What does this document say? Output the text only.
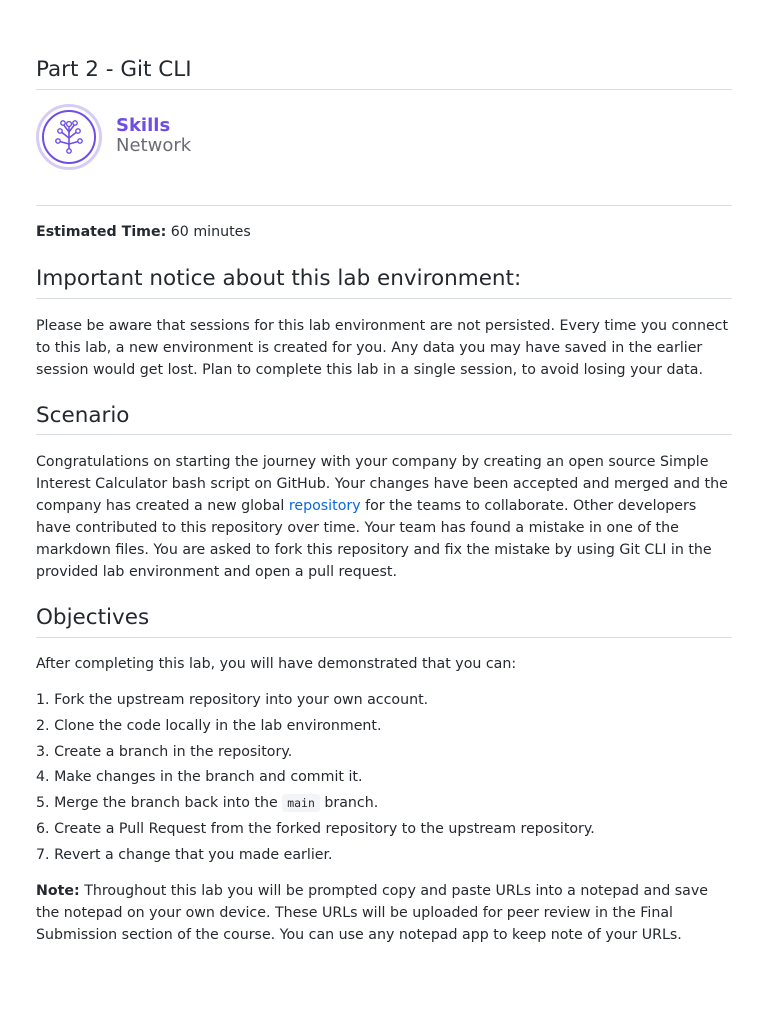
Part 2 - Git CLI
Skills
Network
Estimated Time: 60 minutes
Important notice about this lab environment:

Please be aware that sessions for this lab environment are not persisted. Every time you connect to this lab, a new environment is created for you. Any data you may have saved in the earlier session would get lost. Plan to complete this lab in a single session, to avoid losing your data.

Scenario

Congratulations on starting the journey with your company by creating an open source Simple Interest Calculator bash script on GitHub. Your changes have been accepted and merged and the company has created a new global repository for the teams to collaborate. Other developers have contributed to this repository over time. Your team has found a mistake in one of the markdown files. You are asked to fork this repository and fix the mistake by using Git CLI in the provided lab environment and open a pull request.

Objectives

After completing this lab, you will have demonstrated that you can:

1. Fork the upstream repository into your own account.
2. Clone the code locally in the lab environment.
3. Create a branch in the repository.
4. Make changes in the branch and commit it.
5. Merge the branch back into the main branch.
6. Create a Pull Request from the forked repository to the upstream repository.
7. Revert a change that you made earlier.

Note: Throughout this lab you will be prompted copy and paste URLs into a notepad and save the notepad on your own device. These URLs will be uploaded for peer review in the Final Submission section of the course. You can use any notepad app to keep note of your URLs.
